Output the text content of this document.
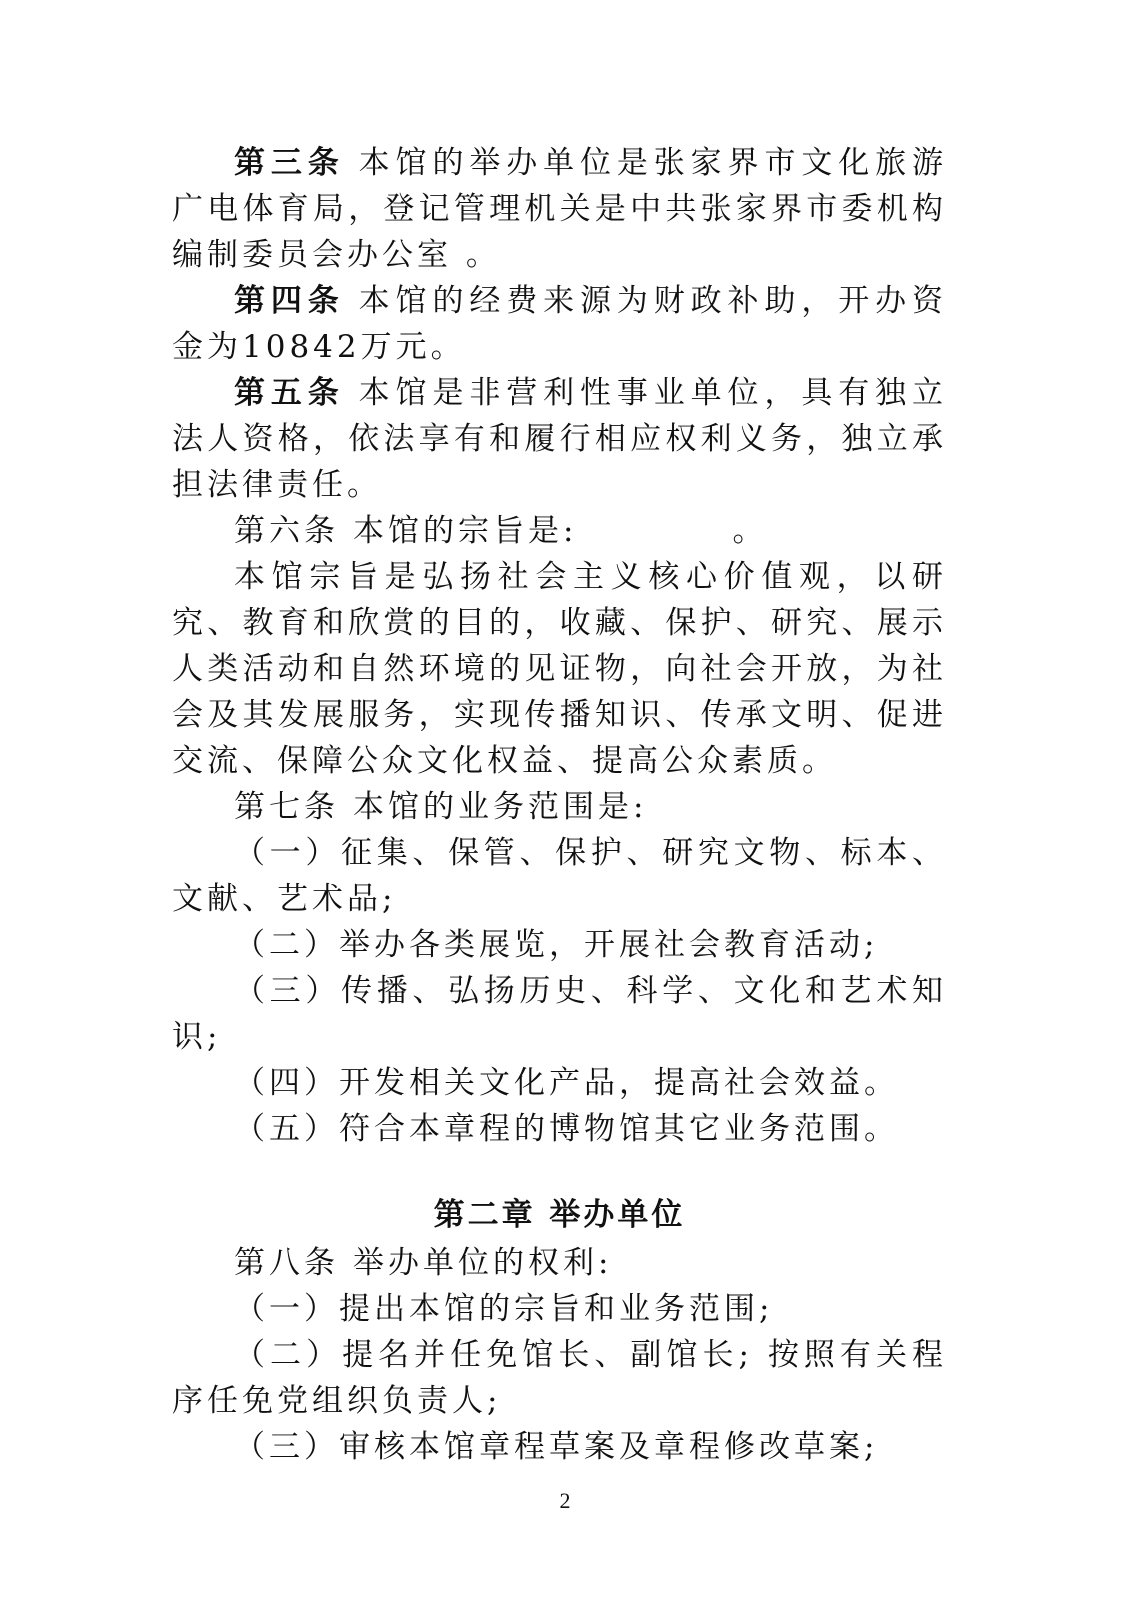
第三条 本馆的举办单位是张家界市文化旅游广电体育局，登记管理机关是中共张家界市委机构编制委员会办公室 。

第四条 本馆的经费来源为财政补助，开办资金为10842万元。

第五条 本馆是非营利性事业单位，具有独立法人资格，依法享有和履行相应权利义务，独立承担法律责任。

第六条 本馆的宗旨是:	。

本馆宗旨是弘扬社会主义核心价值观，以研究、教育和欣赏的目的，收藏、保护、研究、展示人类活动和自然环境的见证物，向社会开放，为社会及其发展服务，实现传播知识、传承文明、促进交流、保障公众文化权益、提高公众素质。

第七条 本馆的业务范围是:

（一）征集、保管、保护、研究文物、标本、文献、艺术品;

（二）举办各类展览，开展社会教育活动;

（三）传播、弘扬历史、科学、文化和艺术知识;

（四）开发相关文化产品，提高社会效益。

（五）符合本章程的博物馆其它业务范围。

第二章 举办单位

第八条 举办单位的权利:

（一）提出本馆的宗旨和业务范围;

（二）提名并任免馆长、副馆长; 按照有关程序任免党组织负责人;

（三）审核本馆章程草案及章程修改草案;

2
